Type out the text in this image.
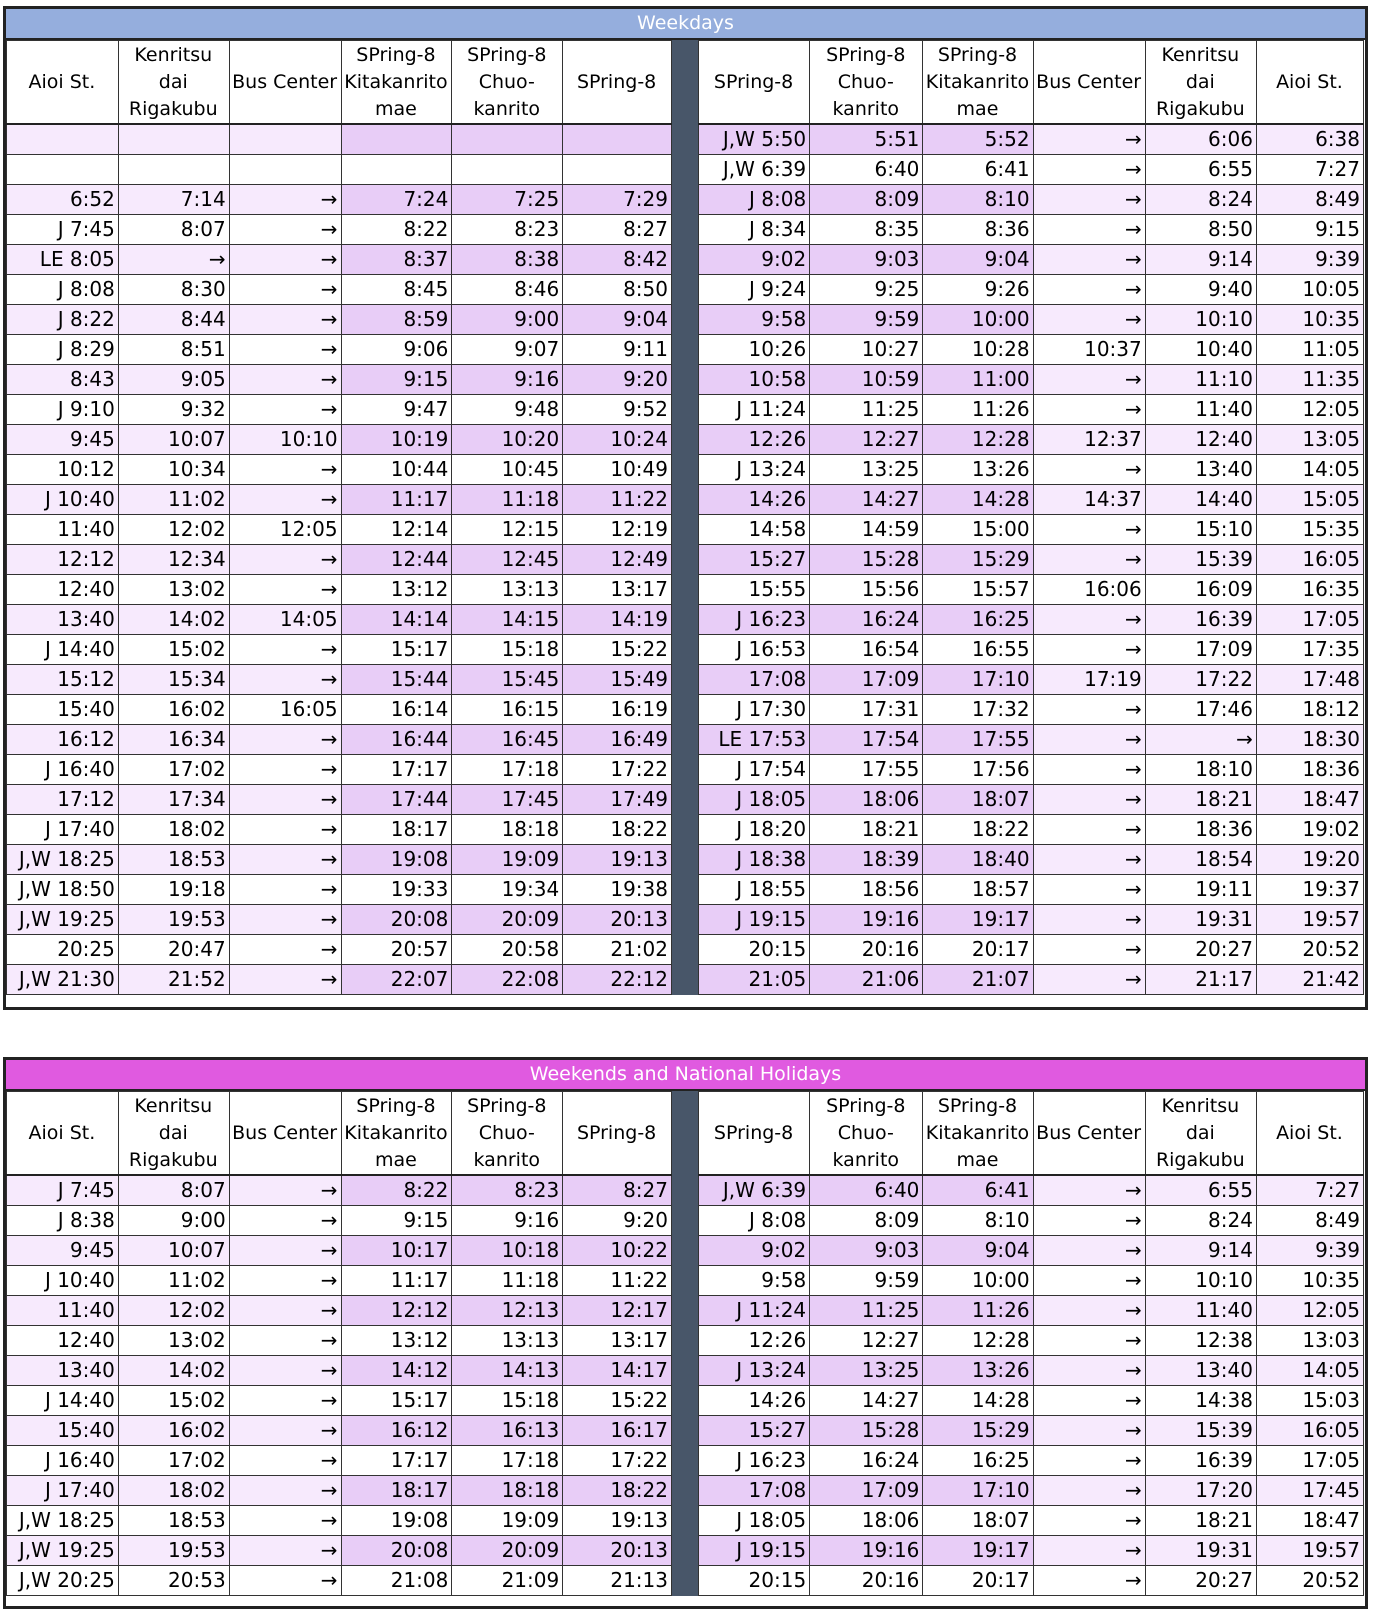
Weekdays
Aioi St.	Kenritsu dai Rigakubu	Bus Center	SPring-8 Kitakanrito mae	SPring-8 Chuo-kanrito	SPring-8

6:52	7:14	→	7:24	7:25	7:29
J 7:45	8:07	→	8:22	8:23	8:27
LE 8:05	→	→	8:37	8:38	8:42
J 8:08	8:30	→	8:45	8:46	8:50
J 8:22	8:44	→	8:59	9:00	9:04
J 8:29	8:51	→	9:06	9:07	9:11
8:43	9:05	→	9:15	9:16	9:20
J 9:10	9:32	→	9:47	9:48	9:52
9:45	10:07	10:10	10:19	10:20	10:24
10:12	10:34	→	10:44	10:45	10:49
J 10:40	11:02	→	11:17	11:18	11:22
11:40	12:02	12:05	12:14	12:15	12:19
12:12	12:34	→	12:44	12:45	12:49
12:40	13:02	→	13:12	13:13	13:17
13:40	14:02	14:05	14:14	14:15	14:19
J 14:40	15:02	→	15:17	15:18	15:22
15:12	15:34	→	15:44	15:45	15:49
15:40	16:02	16:05	16:14	16:15	16:19
16:12	16:34	→	16:44	16:45	16:49
J 16:40	17:02	→	17:17	17:18	17:22
17:12	17:34	→	17:44	17:45	17:49
J 17:40	18:02	→	18:17	18:18	18:22
J,W 18:25	18:53	→	19:08	19:09	19:13
J,W 18:50	19:18	→	19:33	19:34	19:38
J,W 19:25	19:53	→	20:08	20:09	20:13
20:25	20:47	→	20:57	20:58	21:02
J,W 21:30	21:52	→	22:07	22:08	22:12
SPring-8	SPring-8 Chuo-kanrito	SPring-8 Kitakanrito mae	Bus Center	Kenritsu dai Rigakubu	Aioi St.
J,W 5:50	5:51	5:52	→	6:06	6:38
J,W 6:39	6:40	6:41	→	6:55	7:27
J 8:08	8:09	8:10	→	8:24	8:49
J 8:34	8:35	8:36	→	8:50	9:15
9:02	9:03	9:04	→	9:14	9:39
J 9:24	9:25	9:26	→	9:40	10:05
9:58	9:59	10:00	→	10:10	10:35
10:26	10:27	10:28	10:37	10:40	11:05
10:58	10:59	11:00	→	11:10	11:35
J 11:24	11:25	11:26	→	11:40	12:05
12:26	12:27	12:28	12:37	12:40	13:05
J 13:24	13:25	13:26	→	13:40	14:05
14:26	14:27	14:28	14:37	14:40	15:05
14:58	14:59	15:00	→	15:10	15:35
15:27	15:28	15:29	→	15:39	16:05
15:55	15:56	15:57	16:06	16:09	16:35
J 16:23	16:24	16:25	→	16:39	17:05
J 16:53	16:54	16:55	→	17:09	17:35
17:08	17:09	17:10	17:19	17:22	17:48
J 17:30	17:31	17:32	→	17:46	18:12
LE 17:53	17:54	17:55	→	→	18:30
J 17:54	17:55	17:56	→	18:10	18:36
J 18:05	18:06	18:07	→	18:21	18:47
J 18:20	18:21	18:22	→	18:36	19:02
J 18:38	18:39	18:40	→	18:54	19:20
J 18:55	18:56	18:57	→	19:11	19:37
J 19:15	19:16	19:17	→	19:31	19:57
20:15	20:16	20:17	→	20:27	20:52
21:05	21:06	21:07	→	21:17	21:42
Weekends and National Holidays
Aioi St.	Kenritsu dai Rigakubu	Bus Center	SPring-8 Kitakanrito mae	SPring-8 Chuo-kanrito	SPring-8
J 7:45	8:07	→	8:22	8:23	8:27
J 8:38	9:00	→	9:15	9:16	9:20
9:45	10:07	→	10:17	10:18	10:22
J 10:40	11:02	→	11:17	11:18	11:22
11:40	12:02	→	12:12	12:13	12:17
12:40	13:02	→	13:12	13:13	13:17
13:40	14:02	→	14:12	14:13	14:17
J 14:40	15:02	→	15:17	15:18	15:22
15:40	16:02	→	16:12	16:13	16:17
J 16:40	17:02	→	17:17	17:18	17:22
J 17:40	18:02	→	18:17	18:18	18:22
J,W 18:25	18:53	→	19:08	19:09	19:13
J,W 19:25	19:53	→	20:08	20:09	20:13
J,W 20:25	20:53	→	21:08	21:09	21:13
SPring-8	SPring-8 Chuo-kanrito	SPring-8 Kitakanrito mae	Bus Center	Kenritsu dai Rigakubu	Aioi St.
J,W 6:39	6:40	6:41	→	6:55	7:27
J 8:08	8:09	8:10	→	8:24	8:49
9:02	9:03	9:04	→	9:14	9:39
9:58	9:59	10:00	→	10:10	10:35
J 11:24	11:25	11:26	→	11:40	12:05
12:26	12:27	12:28	→	12:38	13:03
J 13:24	13:25	13:26	→	13:40	14:05
14:26	14:27	14:28	→	14:38	15:03
15:27	15:28	15:29	→	15:39	16:05
J 16:23	16:24	16:25	→	16:39	17:05
17:08	17:09	17:10	→	17:20	17:45
J 18:05	18:06	18:07	→	18:21	18:47
J 19:15	19:16	19:17	→	19:31	19:57
20:15	20:16	20:17	→	20:27	20:52
